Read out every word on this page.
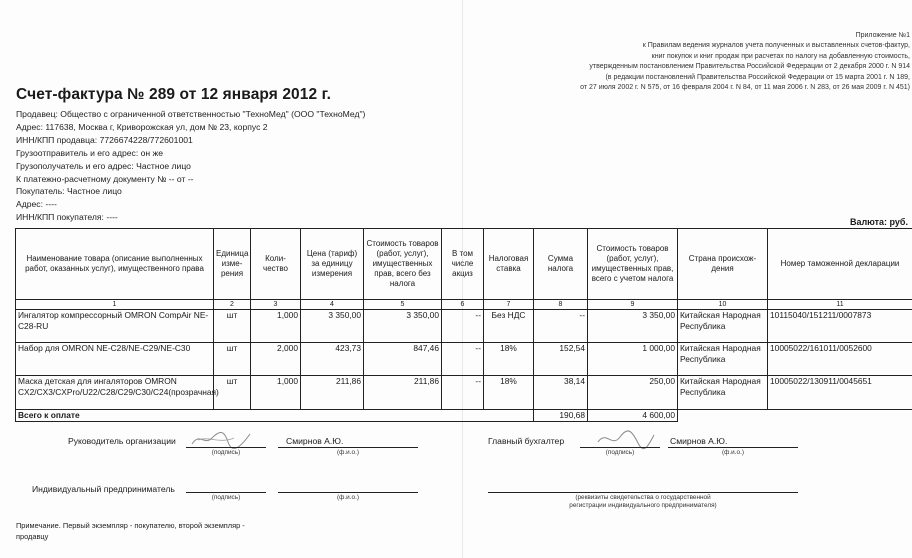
Приложение №1
к Правилам ведения журналов учета полученных и выставленных счетов-фактур,
книг покупок и книг продаж при расчетах по налогу на добавленную стоимость,
утвержденным постановлением Правительства Российской Федерации от 2 декабря 2000 г. N 914
(в редакции постановлений Правительства Российской Федерации от 15 марта 2001 г. N 189,
от 27 июля 2002 г. N 575, от 16 февраля 2004 г. N 84, от 11 мая 2006 г. N 283, от 26 мая 2009 г. N 451)
Счет-фактура № 289 от 12 января 2012 г.
Продавец: Общество с ограниченной ответственностью "ТехноМед" (ООО "ТехноМед")
Адрес: 117638, Москва г, Криворожская ул, дом № 23, корпус 2
ИНН/КПП продавца: 7726674228/772601001
Грузоотправитель и его адрес: он же
Грузополучатель и его адрес: Частное лицо
К платежно-расчетному документу № -- от --
Покупатель: Частное лицо
Адрес: ----
ИНН/КПП покупателя: ----	Валюта: руб.
Наименование товара (описание выполненных работ, оказанных услуг), имущественного права	Единица изме-рения	Коли-чество	Цена (тариф) за единицу измерения	Стоимость товаров (работ, услуг), имущественных прав, всего без налога	В том числе акциз	Налоговая ставка	Сумма налога	Стоимость товаров (работ, услуг), имущественных прав, всего с учетом налога	Страна происхож-дения	Номер таможенной декларации
1	2	3	4	5	6	7	8	9	10	11
Ингалятор компрессорный OMRON CompAir NE-C28-RU	шт	1,000	3 350,00	3 350,00	--	Без НДС	--	3 350,00	Китайская Народная Республика	10115040/151211/0007873
Набор для OMRON NE-C28/NE-C29/NE-C30	шт	2,000	423,73	847,46	--	18%	152,54	1 000,00	Китайская Народная Республика	10005022/161011/0052600
Маска детская для ингаляторов OMRON CX2/CX3/CXPro/U22/C28/C29/C30/C24(прозрачная)	шт	1,000	211,86	211,86	--	18%	38,14	250,00	Китайская Народная Республика	10005022/130911/0045651
Всего к оплате							190,68	4 600,00		
Руководитель организации
(подпись)
Смирнов А.Ю.
(ф.и.о.)
Главный бухгалтер
(подпись)
Смирнов А.Ю.
(ф.и.о.)
Индивидуальный предприниматель
(подпись)	(ф.и.о.)	(реквизиты свидетельства о государственной
регистрации индивидуального предпринимателя)
Примечание. Первый экземпляр - покупателю, второй экземпляр -
продавцу
